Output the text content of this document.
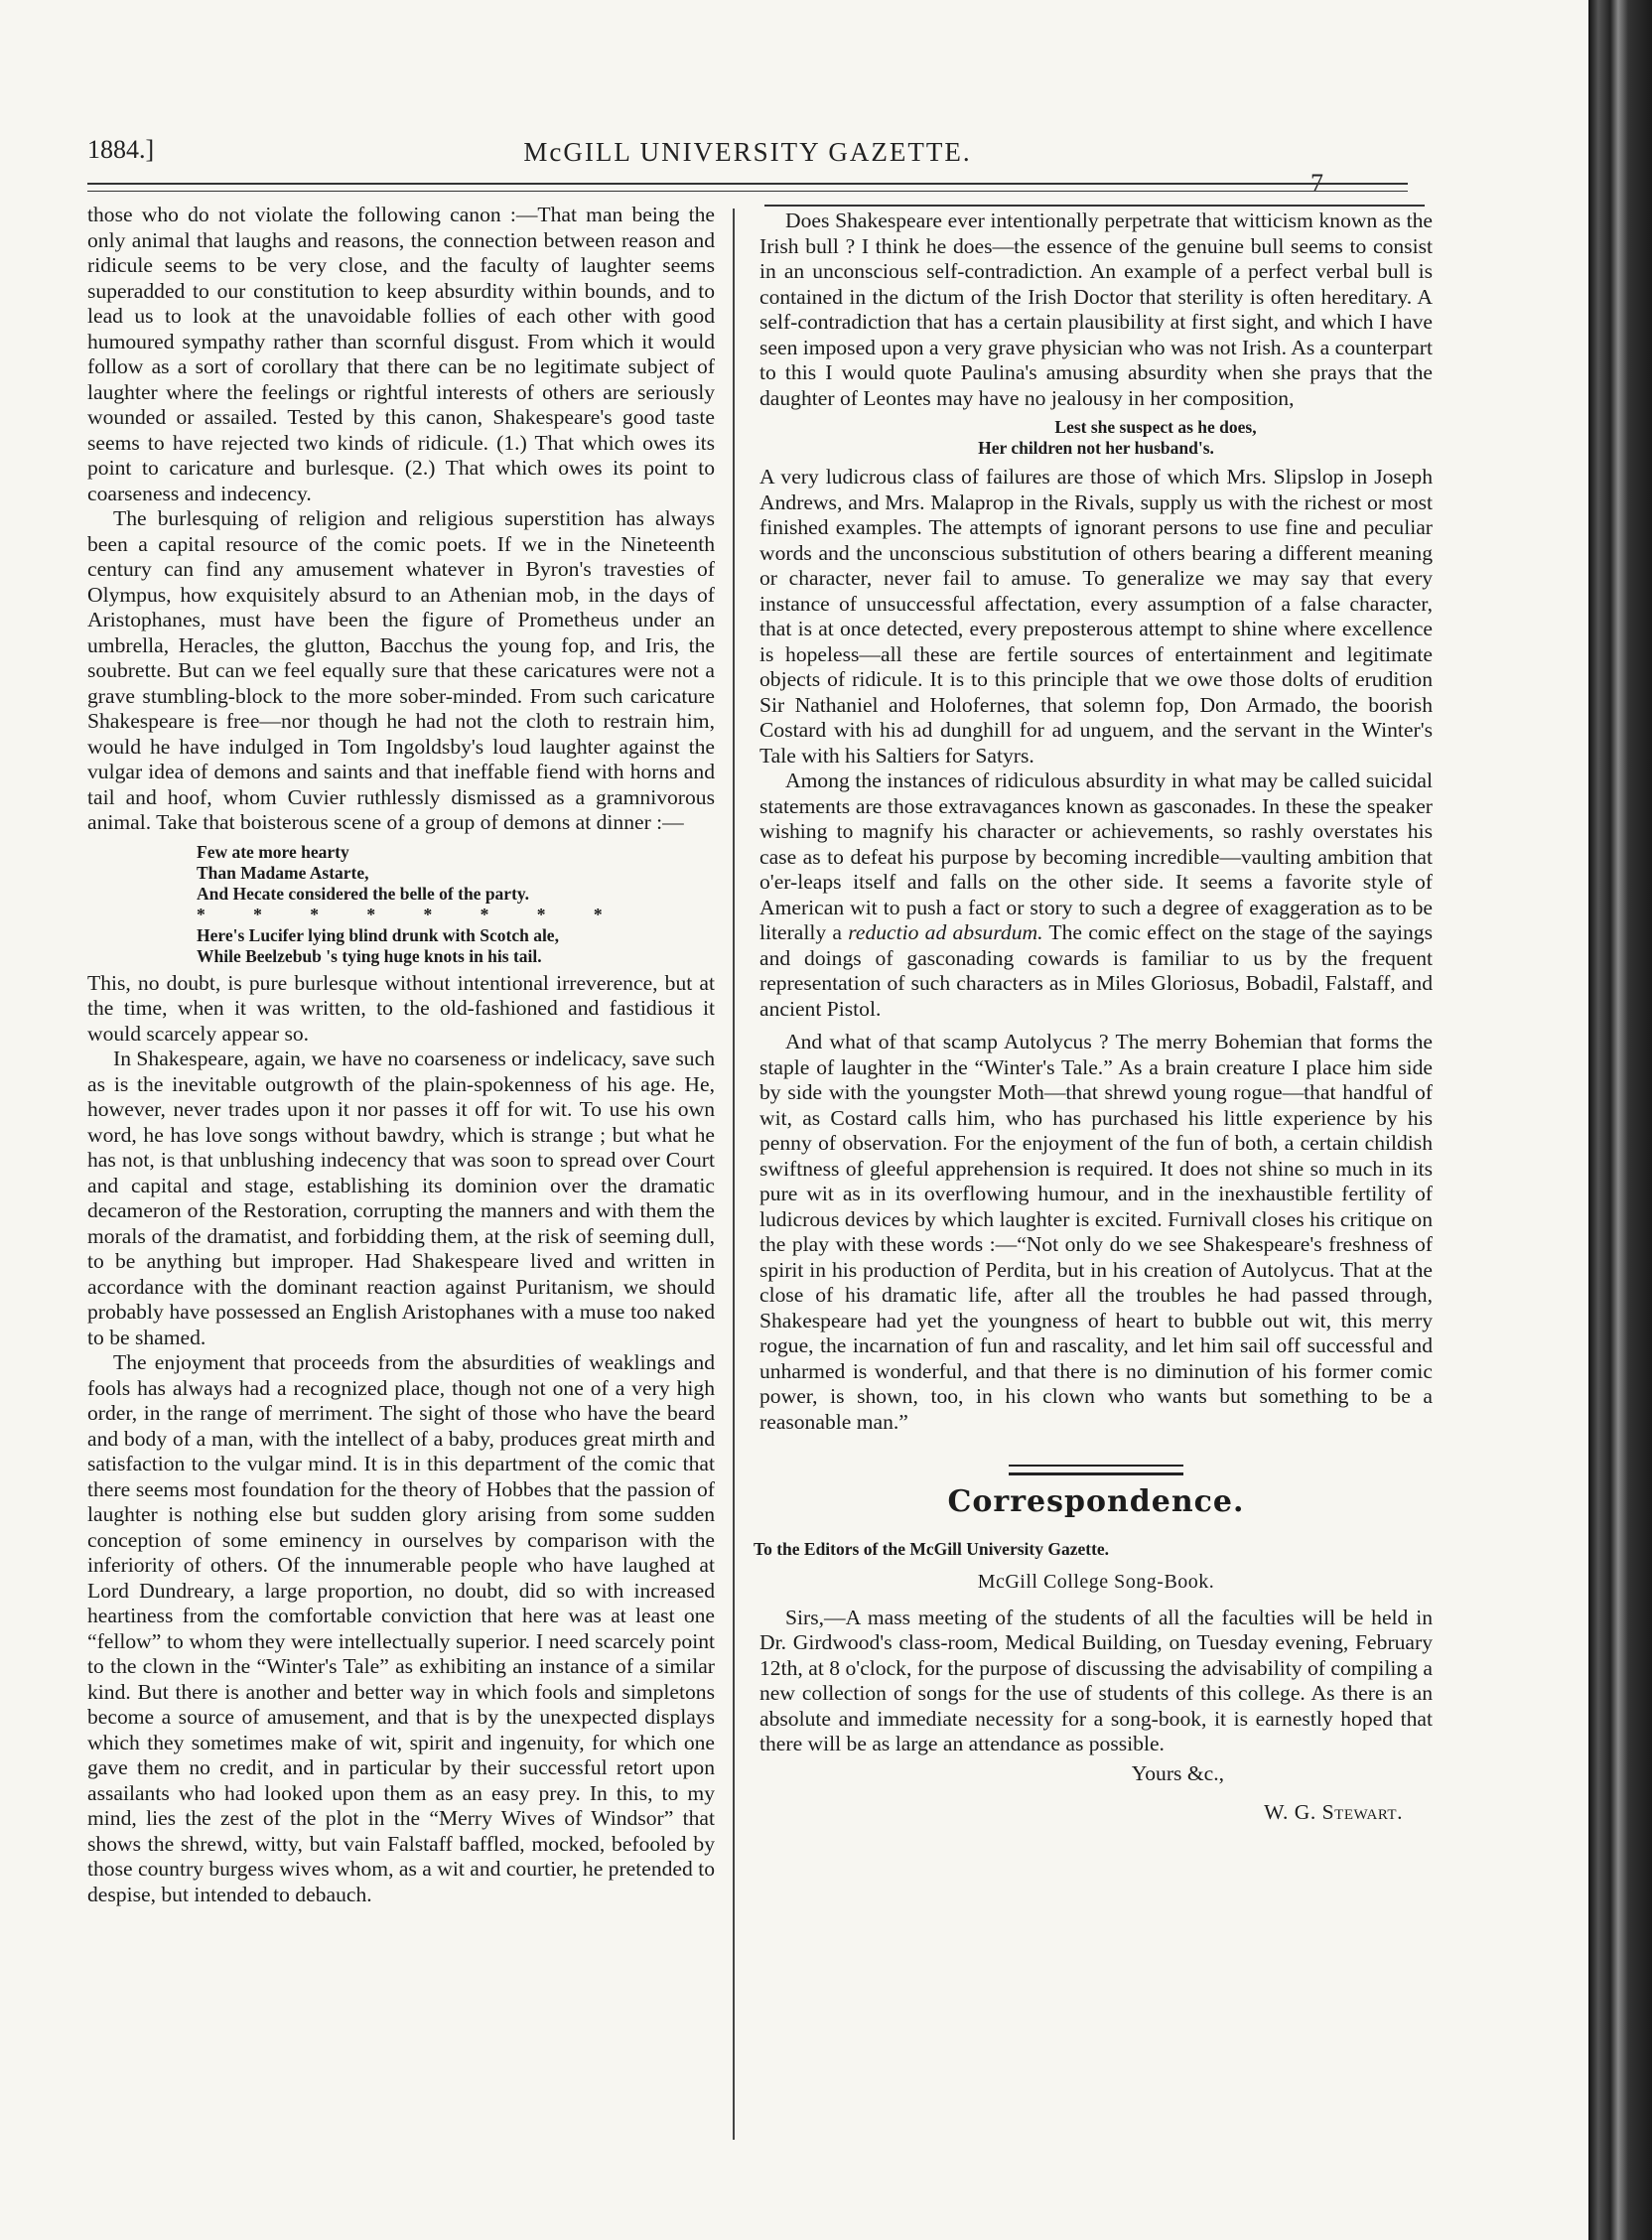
1884.]	McGILL UNIVERSITY GAZETTE.
7

those who do not violate the following canon :—That man being the only animal that laughs and reasons, the connection between reason and ridicule seems to be very close, and the faculty of laughter seems superadded to our constitution to keep absurdity within bounds, and to lead us to look at the unavoidable follies of each other with good humoured sympathy rather than scornful disgust. From which it would follow as a sort of corollary that there can be no legitimate subject of laughter where the feelings or rightful interests of others are seriously wounded or assailed. Tested by this canon, Shakespeare's good taste seems to have rejected two kinds of ridicule. (1.) That which owes its point to caricature and burlesque. (2.) That which owes its point to coarseness and indecency.

The burlesquing of religion and religious superstition has always been a capital resource of the comic poets. If we in the Nineteenth century can find any amusement whatever in Byron's travesties of Olympus, how exquisitely absurd to an Athenian mob, in the days of Aristophanes, must have been the figure of Prometheus under an umbrella, Heracles, the glutton, Bacchus the young fop, and Iris, the soubrette. But can we feel equally sure that these caricatures were not a grave stumbling-block to the more sober-minded. From such caricature Shakespeare is free—nor though he had not the cloth to restrain him, would he have indulged in Tom Ingoldsby's loud laughter against the vulgar idea of demons and saints and that ineffable fiend with horns and tail and hoof, whom Cuvier ruthlessly dismissed as a gramnivorous animal. Take that boisterous scene of a group of demons at dinner :—

Few ate more hearty
Than Madame Astarte,
And Hecate considered the belle of the party.
* * * * * * * *
Here's Lucifer lying blind drunk with Scotch ale,
While Beelzebub 's tying huge knots in his tail.

This, no doubt, is pure burlesque without intentional irreverence, but at the time, when it was written, to the old-fashioned and fastidious it would scarcely appear so.

In Shakespeare, again, we have no coarseness or indelicacy, save such as is the inevitable outgrowth of the plain-spokenness of his age. He, however, never trades upon it nor passes it off for wit. To use his own word, he has love songs without bawdry, which is strange ; but what he has not, is that unblushing indecency that was soon to spread over Court and capital and stage, establishing its dominion over the dramatic decameron of the Restoration, corrupting the manners and with them the morals of the dramatist, and forbidding them, at the risk of seeming dull, to be anything but improper. Had Shakespeare lived and written in accordance with the dominant reaction against Puritanism, we should probably have possessed an English Aristophanes with a muse too naked to be shamed.

The enjoyment that proceeds from the absurdities of weaklings and fools has always had a recognized place, though not one of a very high order, in the range of merriment. The sight of those who have the beard and body of a man, with the intellect of a baby, produces great mirth and satisfaction to the vulgar mind. It is in this department of the comic that there seems most foundation for the theory of Hobbes that the passion of laughter is nothing else but sudden glory arising from some sudden conception of some eminency in ourselves by comparison with the inferiority of others. Of the innumerable people who have laughed at Lord Dundreary, a large proportion, no doubt, did so with increased heartiness from the comfortable conviction that here was at least one “fellow” to whom they were intellectually superior. I need scarcely point to the clown in the “Winter's Tale” as exhibiting an instance of a similar kind. But there is another and better way in which fools and simpletons become a source of amusement, and that is by the unexpected displays which they sometimes make of wit, spirit and ingenuity, for which one gave them no credit, and in particular by their successful retort upon assailants who had looked upon them as an easy prey. In this, to my mind, lies the zest of the plot in the “Merry Wives of Windsor” that shows the shrewd, witty, but vain Falstaff baffled, mocked, befooled by those country burgess wives whom, as a wit and courtier, he pretended to despise, but intended to debauch.

Does Shakespeare ever intentionally perpetrate that witticism known as the Irish bull ? I think he does—the essence of the genuine bull seems to consist in an unconscious self-contradiction. An example of a perfect verbal bull is contained in the dictum of the Irish Doctor that sterility is often hereditary. A self-contradiction that has a certain plausibility at first sight, and which I have seen imposed upon a very grave physician who was not Irish. As a counterpart to this I would quote Paulina's amusing absurdity when she prays that the daughter of Leontes may have no jealousy in her composition,

Lest she suspect as he does,
Her children not her husband's.

A very ludicrous class of failures are those of which Mrs. Slipslop in Joseph Andrews, and Mrs. Malaprop in the Rivals, supply us with the richest or most finished examples. The attempts of ignorant persons to use fine and peculiar words and the unconscious substitution of others bearing a different meaning or character, never fail to amuse. To generalize we may say that every instance of unsuccessful affectation, every assumption of a false character, that is at once detected, every preposterous attempt to shine where excellence is hopeless—all these are fertile sources of entertainment and legitimate objects of ridicule. It is to this principle that we owe those dolts of erudition Sir Nathaniel and Holofernes, that solemn fop, Don Armado, the boorish Costard with his ad dunghill for ad unguem, and the servant in the Winter's Tale with his Saltiers for Satyrs.

Among the instances of ridiculous absurdity in what may be called suicidal statements are those extravagances known as gasconades. In these the speaker wishing to magnify his character or achievements, so rashly overstates his case as to defeat his purpose by becoming incredible—vaulting ambition that o'er-leaps itself and falls on the other side. It seems a favorite style of American wit to push a fact or story to such a degree of exaggeration as to be literally a reductio ad absurdum. The comic effect on the stage of the sayings and doings of gasconading cowards is familiar to us by the frequent representation of such characters as in Miles Gloriosus, Bobadil, Falstaff, and ancient Pistol.

And what of that scamp Autolycus ? The merry Bohemian that forms the staple of laughter in the “Winter's Tale.” As a brain creature I place him side by side with the youngster Moth—that shrewd young rogue—that handful of wit, as Costard calls him, who has purchased his little experience by his penny of observation. For the enjoyment of the fun of both, a certain childish swiftness of gleeful apprehension is required. It does not shine so much in its pure wit as in its overflowing humour, and in the inexhaustible fertility of ludicrous devices by which laughter is excited. Furnivall closes his critique on the play with these words :—“Not only do we see Shakespeare's freshness of spirit in his production of Perdita, but in his creation of Autolycus. That at the close of his dramatic life, after all the troubles he had passed through, Shakespeare had yet the youngness of heart to bubble out wit, this merry rogue, the incarnation of fun and rascality, and let him sail off successful and unharmed is wonderful, and that there is no diminution of his former comic power, is shown, too, in his clown who wants but something to be a reasonable man.”

Correspondence.
To the Editors of the McGill University Gazette.
McGill College Song-Book.

Sirs,—A mass meeting of the students of all the faculties will be held in Dr. Girdwood's class-room, Medical Building, on Tuesday evening, February 12th, at 8 o'clock, for the purpose of discussing the advisability of compiling a new collection of songs for the use of students of this college. As there is an absolute and immediate necessity for a song-book, it is earnestly hoped that there will be as large an attendance as possible.

Yours &c.,
W. G. Stewart.
